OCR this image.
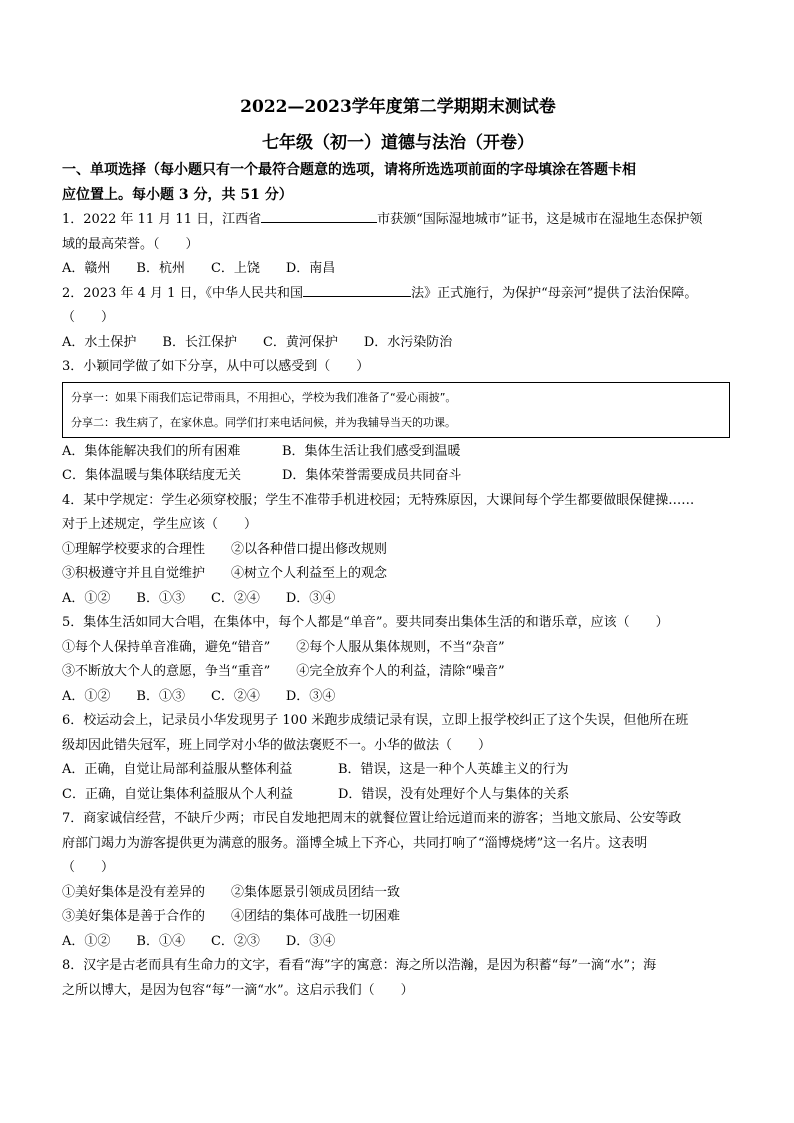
2022—2023学年度第二学期期末测试卷
七年级（初一）道德与法治（开卷）
一、单项选择（每小题只有一个最符合题意的选项，请将所选选项前面的字母填涂在答题卡相
应位置上。每小题 3 分，共 51 分）
1．2022 年 11 月 11 日，江西省	市获颁“国际湿地城市”证书，这是城市在湿地生态保护领
域的最高荣誉。（　　）
A．赣州　　B．杭州　　C．上饶　　D．南昌
2．2023 年 4 月 1 日，《中华人民共和国	法》正式施行，为保护“母亲河”提供了法治保障。
（　　）
A．水土保护　　B．长江保护　　C．黄河保护　　D．水污染防治
3．小颖同学做了如下分享，从中可以感受到（　　）
分享一：如果下雨我们忘记带雨具，不用担心，学校为我们准备了“爱心雨披”。
分享二：我生病了，在家休息。同学们打来电话问候，并为我辅导当天的功课。
A．集体能解决我们的所有困难	B．集体生活让我们感受到温暖
C．集体温暖与集体联结度无关	D．集体荣誉需要成员共同奋斗
4．某中学规定：学生必须穿校服；学生不准带手机进校园；无特殊原因，大课间每个学生都要做眼保健操……
对于上述规定，学生应该（　　）
①理解学校要求的合理性　　②以各种借口提出修改规则
③积极遵守并且自觉维护　　④树立个人利益至上的观念
A．①②　　B．①③　　C．②④　　D．③④
5．集体生活如同大合唱，在集体中，每个人都是“单音”。要共同奏出集体生活的和谐乐章，应该（　　）
①每个人保持单音准确，避免“错音”　　②每个人服从集体规则，不当“杂音”
③不断放大个人的意愿，争当“重音”　　④完全放弃个人的利益，清除“噪音”
A．①②　　B．①③　　C．②④　　D．③④
6．校运动会上，记录员小华发现男子 100 米跑步成绩记录有误，立即上报学校纠正了这个失误，但他所在班
级却因此错失冠军，班上同学对小华的做法褒贬不一。小华的做法（　　）
A．正确，自觉让局部利益服从整体利益	B．错误，这是一种个人英雄主义的行为
C．正确，自觉让集体利益服从个人利益	D．错误，没有处理好个人与集体的关系
7．商家诚信经营，不缺斤少两；市民自发地把周末的就餐位置让给远道而来的游客；当地文旅局、公安等政
府部门竭力为游客提供更为满意的服务。淄博全城上下齐心，共同打响了“淄博烧烤”这一名片。这表明
（　　）
①美好集体是没有差异的　　②集体愿景引领成员团结一致
③美好集体是善于合作的　　④团结的集体可战胜一切困难
A．①②　　B．①④　　C．②③　　D．③④
8．汉字是古老而具有生命力的文字，看看“海”字的寓意：海之所以浩瀚，是因为积蓄“每”一滴“水”；海
之所以博大，是因为包容“每”一滴“水”。这启示我们（　　）
